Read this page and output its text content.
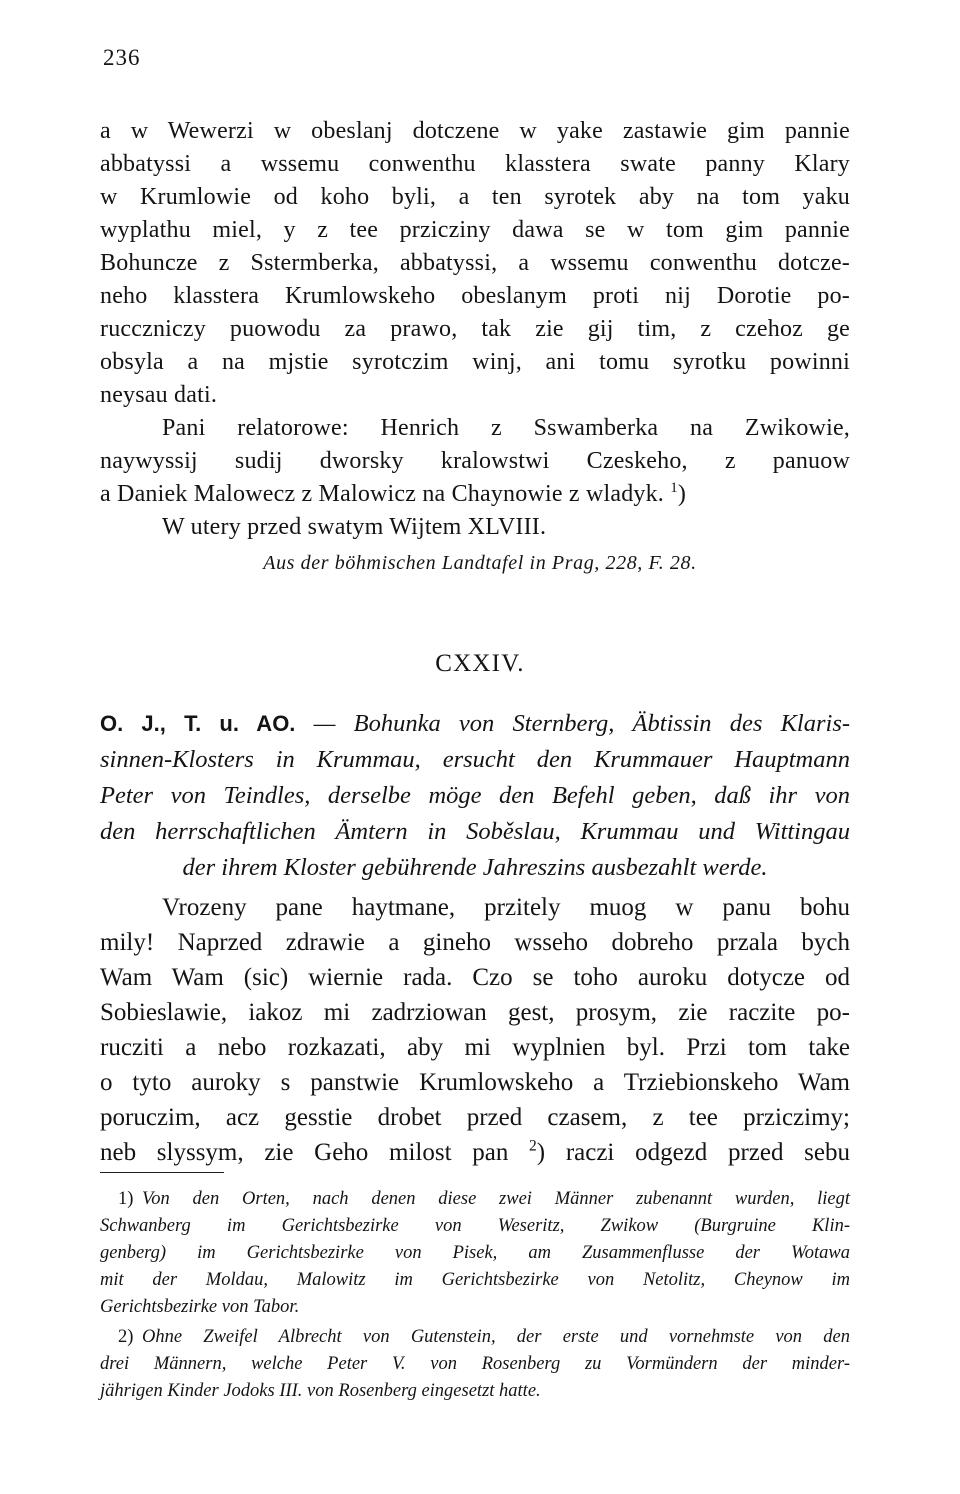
236
a w Wewerzi w obeslanj dotczene w yake zastawie gim pannie
abbatyssi a wssemu conwenthu klasstera swate panny Klary
w Krumlowie od koho byli, a ten syrotek aby na tom yaku
wyplathu miel, y z tee przicziny dawa se w tom gim pannie
Bohuncze z Sstermberka, abbatyssi, a wssemu conwenthu dotcze-
neho klasstera Krumlowskeho obeslanym proti nij Dorotie po-
rucczniczy puowodu za prawo, tak zie gij tim, z czehoz ge
obsyla a na mjstie syrotczim winj, ani tomu syrotku powinni
neysau dati.
Pani relatorowe: Henrich z Sswamberka na Zwikowie,
naywyssij sudij dworsky kralowstwi Czeskeho, z panuow
a Daniek Malowecz z Malowicz na Chaynowie z wladyk. $^1$)
W utery przed swatym Wijtem XLVIII.
Aus der böhmischen Landtafel in Prag, 228, F. 28.
CXXIV.
O. J., T. u. AO. — Bohunka von Sternberg, Äbtissin des Klaris-
sinnen-Klosters in Krummau, ersucht den Krummauer Hauptmann
Peter von Teindles, derselbe möge den Befehl geben, daß ihr von
den herrschaftlichen Ämtern in Soběslau, Krummau und Wittingau
der ihrem Kloster gebührende Jahreszins ausbezahlt werde.
Vrozeny pane haytmane, przitely muog w panu bohu
mily! Naprzed zdrawie a gineho wsseho dobreho przala bych
Wam Wam (sic) wiernie rada. Czo se toho auroku dotycze od
Sobieslawie, iakoz mi zadrziowan gest, prosym, zie raczite po-
rucziti a nebo rozkazati, aby mi wyplnien byl. Przi tom take
o tyto auroky s panstwie Krumlowskeho a Trziebionskeho Wam
poruczim, acz gesstie drobet przed czasem, z tee prziczimy;
neb slyssym, zie Geho milost pan $^2$) raczi odgezd przed sebu
1) Von den Orten, nach denen diese zwei Männer zubenannt wurden, liegt
Schwanberg im Gerichtsbezirke von Weseritz, Zwikow (Burgruine Klin-
genberg) im Gerichtsbezirke von Pisek, am Zusammenflusse der Wotawa
mit der Moldau, Malowitz im Gerichtsbezirke von Netolitz, Cheynow im
Gerichtsbezirke von Tabor.
2) Ohne Zweifel Albrecht von Gutenstein, der erste und vornehmste von den
drei Männern, welche Peter V. von Rosenberg zu Vormündern der minder-
jährigen Kinder Jodoks III. von Rosenberg eingesetzt hatte.
